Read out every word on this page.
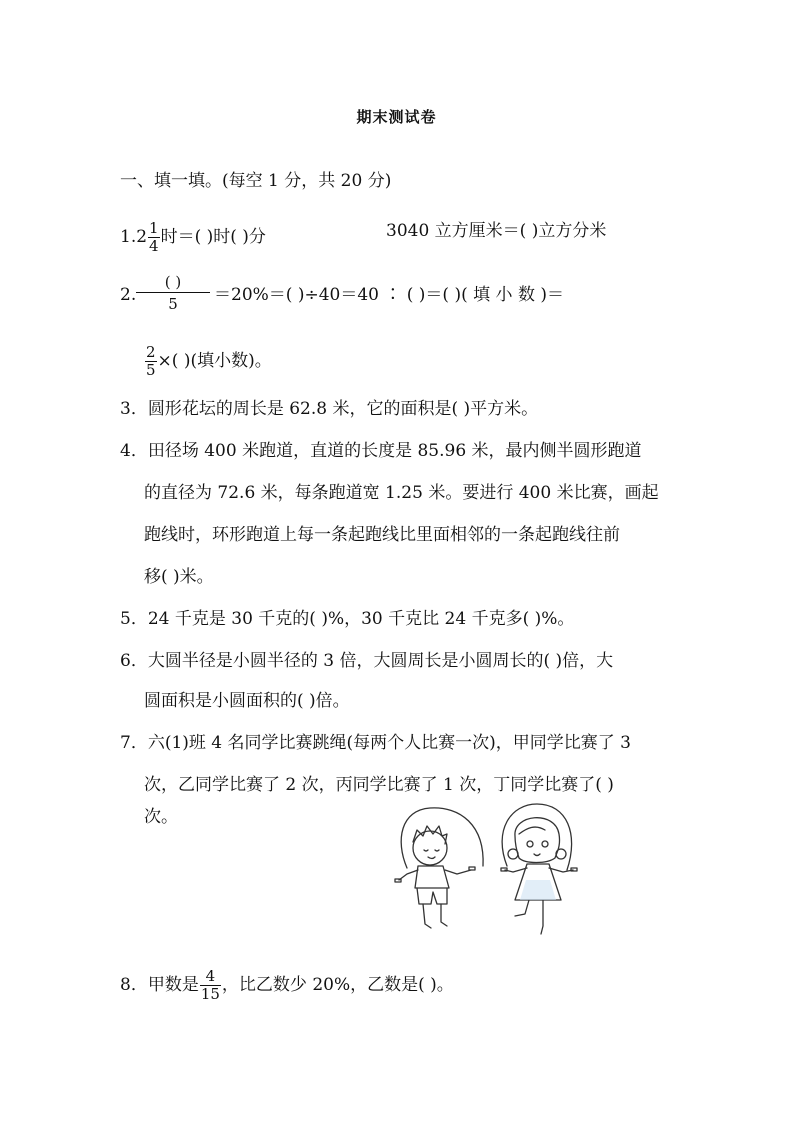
期末测试卷
一、填一填。(每空 1 分，共 20 分)
$1.2 \frac{1}{4}$ 时＝( )时( )分	3040 立方厘米＝( )立方分米
2.
( )
5	＝20%＝( )÷40＝40 ∶ ( )＝( )( 填 小 数 )＝
$\frac{2}{5}$ ×( )(填小数)。
3．圆形花坛的周长是 62.8 米，它的面积是( )平方米。
4．田径场 400 米跑道，直道的长度是 85.96 米，最内侧半圆形跑道
的直径为 72.6 米，每条跑道宽 1.25 米。要进行 400 米比赛，画起
跑线时，环形跑道上每一条起跑线比里面相邻的一条起跑线往前
移( )米。
5．24 千克是 30 千克的( )%，30 千克比 24 千克多( )%。
6．大圆半径是小圆半径的 3 倍，大圆周长是小圆周长的( )倍，大
圆面积是小圆面积的( )倍。
7．六(1)班 4 名同学比赛跳绳(每两个人比赛一次)，甲同学比赛了 3
次，乙同学比赛了 2 次，丙同学比赛了 1 次，丁同学比赛了( )
次。
8．甲数是 $\frac{4}{15}$ ，比乙数少 20%，乙数是( )。
